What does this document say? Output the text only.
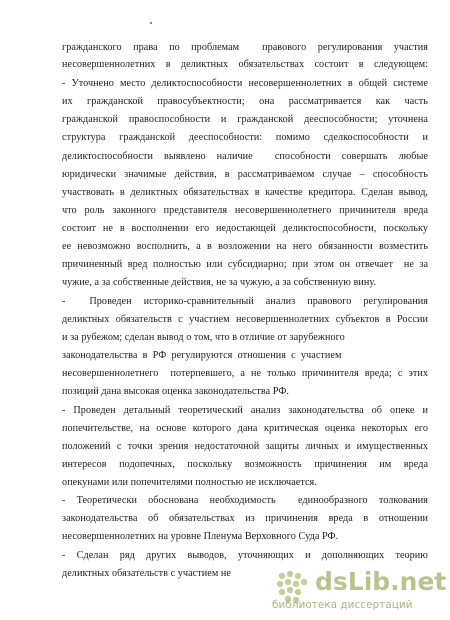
гражданского права по проблемам  правового регулирования участия
несовершеннолетних в деликтных обязательствах состоит в следующем:
- Уточнено место деликтоспособности несовершеннолетних в общей системе
их гражданской правосубъектности; она рассматривается как часть
гражданской правоспособности и гражданской дееспособности; уточнена
структура гражданской дееспособности: помимо сделкоспособности и
деликтоспособности выявлено наличие  способности совершать любые
юридически значимые действия, в рассматриваемом случае – способность
участвовать в деликтных обязательствах в качестве кредитора. Сделан вывод,
что роль законного представителя несовершеннолетнего причинителя вреда
состоит не в восполнении его недостающей деликтоспособности, поскольку
ее невозможно восполнить, а в возложении на него обязанности возместить
причиненный вред полностью или субсидиарно; при этом он отвечает  не за
чужие, а за собственные действия, не за чужую, а за собственную вину.
-  Проведен историко-сравнительный анализ правового регулирования
деликтных обязательств с участием несовершеннолетних субъектов в России
и за рубежом; сделан вывод о том, что в отличие от зарубежного
законодательства  в  РФ  регулируются  отношения  с  участием
несовершеннолетнего  потерпевшего, а не только причинителя вреда; с этих
позиций дана высокая оценка законодательства РФ.
- Проведен детальный теоретический анализ законодательства об опеке и
попечительстве, на основе которого дана критическая оценка некоторых его
положений с точки зрения недостаточной защиты личных и имущественных
интересов подопечных, поскольку возможность причинения им вреда
опекунами или попечителями полностью не исключается.
- Теоретически обоснована необходимость  единообразного толкования
законодательства об обязательствах из причинения вреда в отношении
несовершеннолетних на уровне Пленума Верховного Суда РФ.
- Сделан ряд других выводов, уточняющих и дополняющих теорию
деликтных обязательств с участием не	dsLib.net
библиотека диссертаций
